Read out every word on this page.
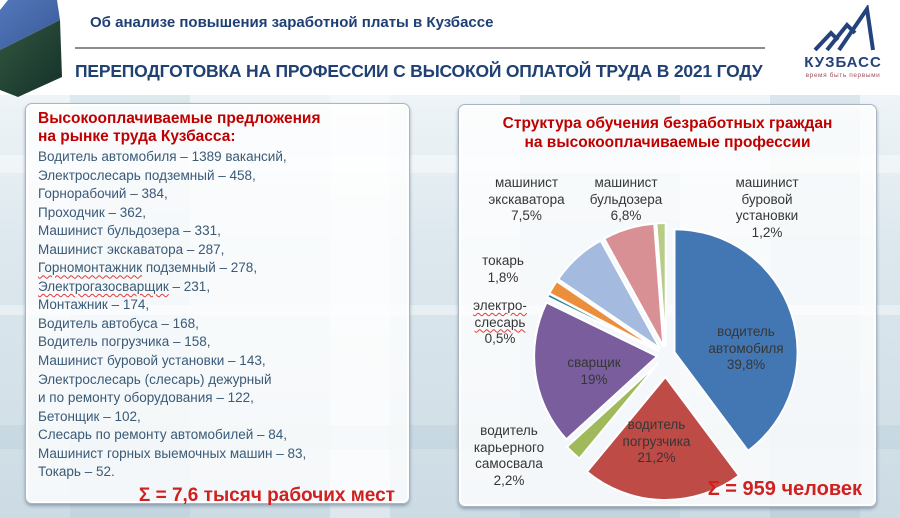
Об анализе повышения заработной платы в Кузбассе
ПЕРЕПОДГОТОВКА НА ПРОФЕССИИ С ВЫСОКОЙ ОПЛАТОЙ ТРУДА В 2021 ГОДУ	КУЗБАСС
время быть первыми
Высокооплачиваемые предложения
на рынке труда Кузбасса:
Водитель автомобиля – 1389 вакансий,
Электрослесарь подземный – 458,
Горнорабочий – 384,
Проходчик – 362,
Машинист бульдозера – 331,
Машинист экскаватора – 287,
Горномонтажник подземный – 278,
Электрогазосварщик – 231,
Монтажник – 174,
Водитель автобуса – 168,
Водитель погрузчика – 158,
Машинист буровой установки – 143,
Электрослесарь (слесарь) дежурный
и по ремонту оборудования – 122,
Бетонщик – 102,
Слесарь по ремонту автомобилей – 84,
Машинист горных выемочных машин – 83,
Токарь – 52.
Σ = 7,6 тысяч рабочих мест
Структура обучения безработных граждан
на высокооплачиваемые профессии
машинист экскаватора
7,5%
машинист бульдозера
6,8%
машинист буровой установки
1,2%
токарь
1,8%
электро-слесарь
0,5%
сварщик
19%
водитель автомобиля
39,8%
водитель погрузчика
21,2%
водитель карьерного самосвала
2,2%	Σ = 959 человек
